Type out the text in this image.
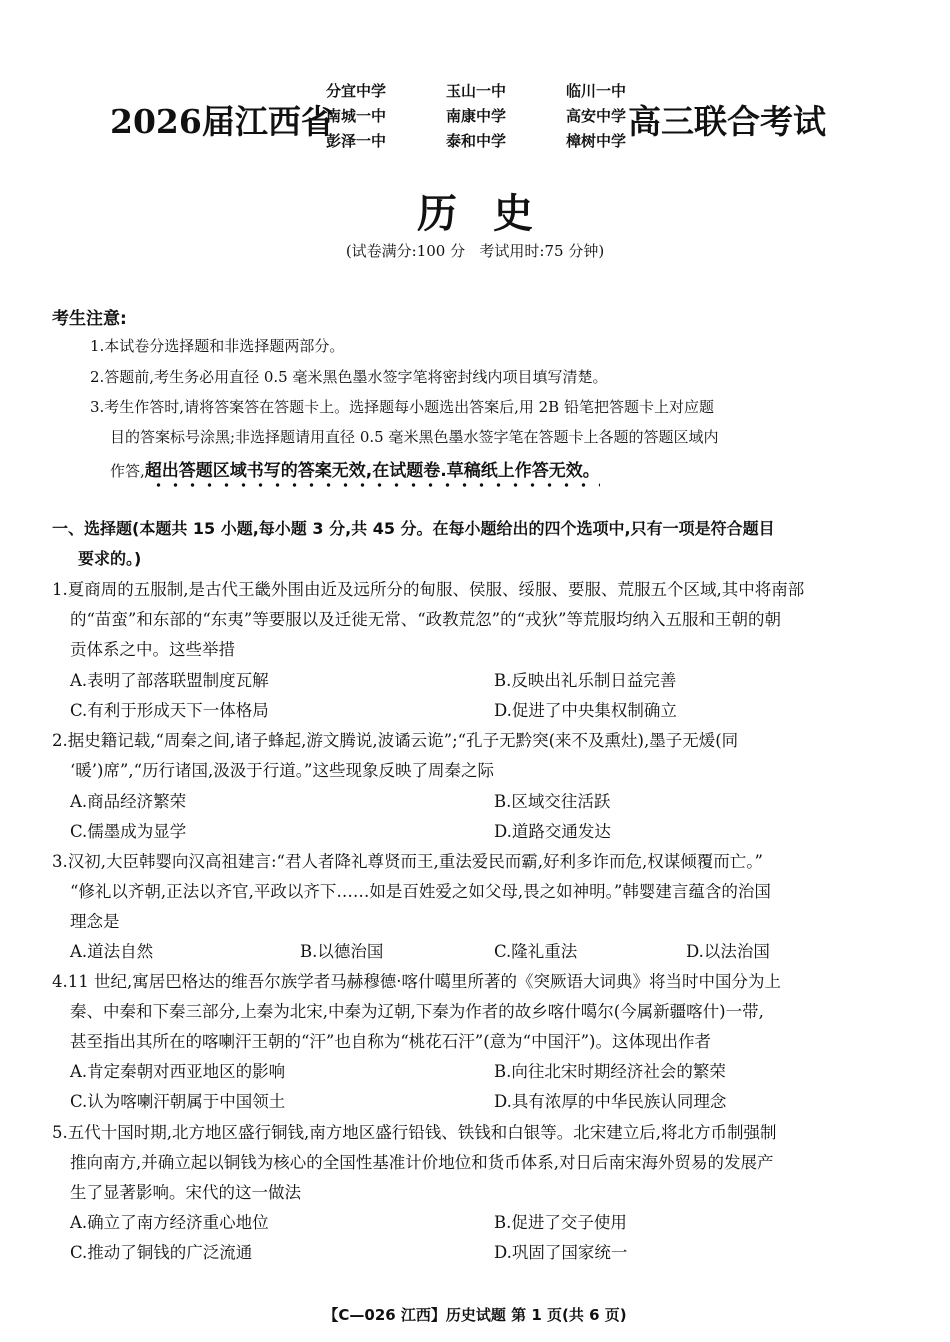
2026届江西省
分宜中学	玉山一中	临川一中
南城一中	南康中学	高安中学
彭泽一中	泰和中学	樟树中学 高三联合考试
历史
(试卷满分:100 分   考试用时:75 分钟)
考生注意:
1.本试卷分选择题和非选择题两部分。
2.答题前,考生务必用直径 0.5 毫米黑色墨水签字笔将密封线内项目填写清楚。
3.考生作答时,请将答案答在答题卡上。选择题每小题选出答案后,用 2B 铅笔把答题卡上对应题
目的答案标号涂黑;非选择题请用直径 0.5 毫米黑色墨水签字笔在答题卡上各题的答题区域内
作答,超出答题区域书写的答案无效,在试题卷.草稿纸上作答无效。
一、选择题(本题共 15 小题,每小题 3 分,共 45 分。在每小题给出的四个选项中,只有一项是符合题目
要求的。)
1.夏商周的五服制,是古代王畿外围由近及远所分的甸服、侯服、绥服、要服、荒服五个区域,其中将南部
的“苗蛮”和东部的“东夷”等要服以及迁徙无常、“政教荒忽”的“戎狄”等荒服均纳入五服和王朝的朝
贡体系之中。这些举措
A.表明了部落联盟制度瓦解	B.反映出礼乐制日益完善
C.有利于形成天下一体格局	D.促进了中央集权制确立
2.据史籍记载,“周秦之间,诸子蜂起,游文腾说,波谲云诡”;“孔子无黔突(来不及熏灶),墨子无煖(同
‘暖’)席”,“历行诸国,汲汲于行道。”这些现象反映了周秦之际
A.商品经济繁荣	B.区域交往活跃
C.儒墨成为显学	D.道路交通发达
3.汉初,大臣韩婴向汉高祖建言:“君人者降礼尊贤而王,重法爱民而霸,好利多诈而危,权谋倾覆而亡。”
“修礼以齐朝,正法以齐官,平政以齐下……如是百姓爱之如父母,畏之如神明。”韩婴建言蕴含的治国
理念是
A.道法自然	B.以德治国	C.隆礼重法	D.以法治国
4.11 世纪,寓居巴格达的维吾尔族学者马赫穆德·喀什噶里所著的《突厥语大词典》将当时中国分为上
秦、中秦和下秦三部分,上秦为北宋,中秦为辽朝,下秦为作者的故乡喀什噶尔(今属新疆喀什)一带,
甚至指出其所在的喀喇汗王朝的“汗”也自称为“桃花石汗”(意为“中国汗”)。这体现出作者
A.肯定秦朝对西亚地区的影响	B.向往北宋时期经济社会的繁荣
C.认为喀喇汗朝属于中国领土	D.具有浓厚的中华民族认同理念
5.五代十国时期,北方地区盛行铜钱,南方地区盛行铅钱、铁钱和白银等。北宋建立后,将北方币制强制
推向南方,并确立起以铜钱为核心的全国性基准计价地位和货币体系,对日后南宋海外贸易的发展产
生了显著影响。宋代的这一做法
A.确立了南方经济重心地位	B.促进了交子使用
C.推动了铜钱的广泛流通	D.巩固了国家统一
【C—026 江西】历史试题 第 1 页(共 6 页)
